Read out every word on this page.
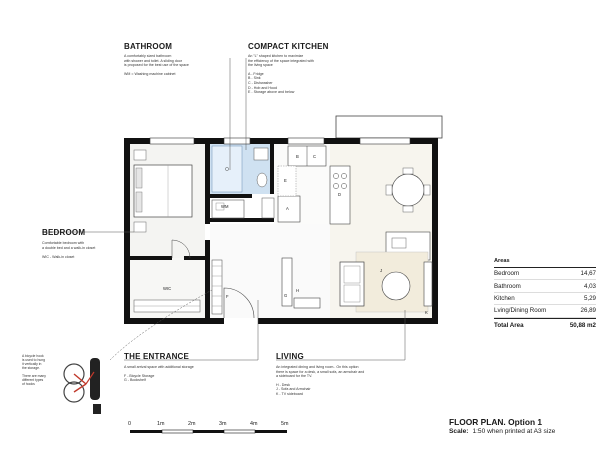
WM
WIC
A
B	C
D
E
F	G
H
J
K
BATHROOM
A comfortably sized bathroom
with shower and toilet. A sliding door
is proposed for the best use of the space
WM = Washing machine cabinet
COMPACT KITCHEN
An "L" shaped kitchen to maximize
the efficiency of the space integrated with
the living space
A - Fridge
B - Sink
C - Dishwasher
D - Hob and Hood
E - Storage above and below
BEDROOM
Comfortable bedroom with
a double bed and a walk-in closet
WIC - Walk-in closet
THE ENTRANCE
A small arrival space with additional storage
F - Bicycle Storage
G - Bookshelf
LIVING
An integrated dining and living room.. On this option
there is space for a desk, a small sofa, an armchair and
a sideboard for the TV.
H - Desk
J - Sofa and Armchair
K - TV sideboard
A bicycle hook
is used to hung
it vertically in
the storage.
There are many
different types
of hooks
Areas
Bedroom	14,67
Bathroom	4,03
Kitchen	5,29
Lving/Dining Room	26,89
Total Area	50,88 m2
0	1m	2m	3m	4m	5m	FLOOR PLAN. Option 1
Scale: 1:50 when printed at A3 size
